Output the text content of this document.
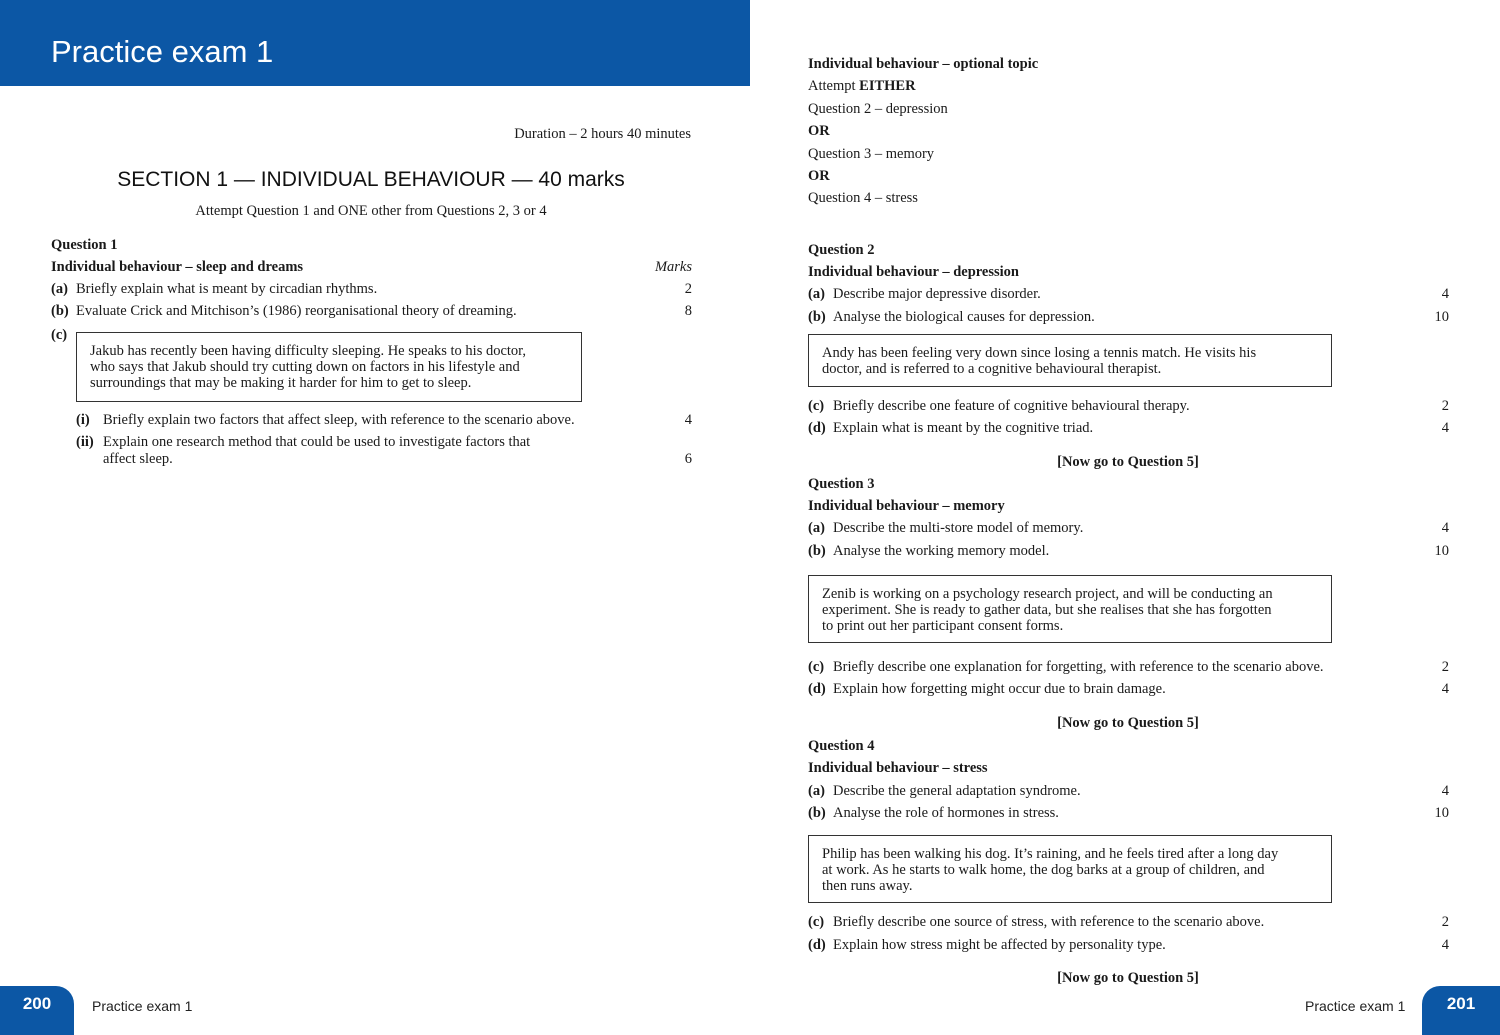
Practice exam 1
Duration – 2 hours 40 minutes
SECTION 1 — INDIVIDUAL BEHAVIOUR — 40 marks
Attempt Question 1 and ONE other from Questions 2, 3 or 4
Question 1
Individual behaviour – sleep and dreams	Marks
(a) Briefly explain what is meant by circadian rhythms.	2
(b) Evaluate Crick and Mitchison’s (1986) reorganisational theory of dreaming.	8
(c)

Jakub has recently been having difficulty sleeping. He speaks to his doctor,

who says that Jakub should try cutting down on factors in his lifestyle and

surroundings that may be making it harder for him to get to sleep.

(i) Briefly explain two factors that affect sleep, with reference to the scenario above.	4
(ii) Explain one research method that could be used to investigate factors that
affect sleep.	6
200	Practice exam 1
Individual behaviour – optional topic
Attempt EITHER
Question 2 – depression
OR
Question 3 – memory
OR
Question 4 – stress
Question 2
Individual behaviour – depression
(a) Describe major depressive disorder.	4
(b) Analyse the biological causes for depression.	10

Andy has been feeling very down since losing a tennis match. He visits his

doctor, and is referred to a cognitive behavioural therapist.

(c) Briefly describe one feature of cognitive behavioural therapy.	2
(d) Explain what is meant by the cognitive triad.	4
[Now go to Question 5]
Question 3
Individual behaviour – memory
(a) Describe the multi-store model of memory.	4
(b) Analyse the working memory model.	10

Zenib is working on a psychology research project, and will be conducting an

experiment. She is ready to gather data, but she realises that she has forgotten

to print out her participant consent forms.

(c) Briefly describe one explanation for forgetting, with reference to the scenario above.	2
(d) Explain how forgetting might occur due to brain damage.	4
[Now go to Question 5]
Question 4
Individual behaviour – stress
(a) Describe the general adaptation syndrome.	4
(b) Analyse the role of hormones in stress.	10

Philip has been walking his dog. It’s raining, and he feels tired after a long day

at work. As he starts to walk home, the dog barks at a group of children, and

then runs away.

(c) Briefly describe one source of stress, with reference to the scenario above.	2
(d) Explain how stress might be affected by personality type.	4
[Now go to Question 5]
Practice exam 1	201
